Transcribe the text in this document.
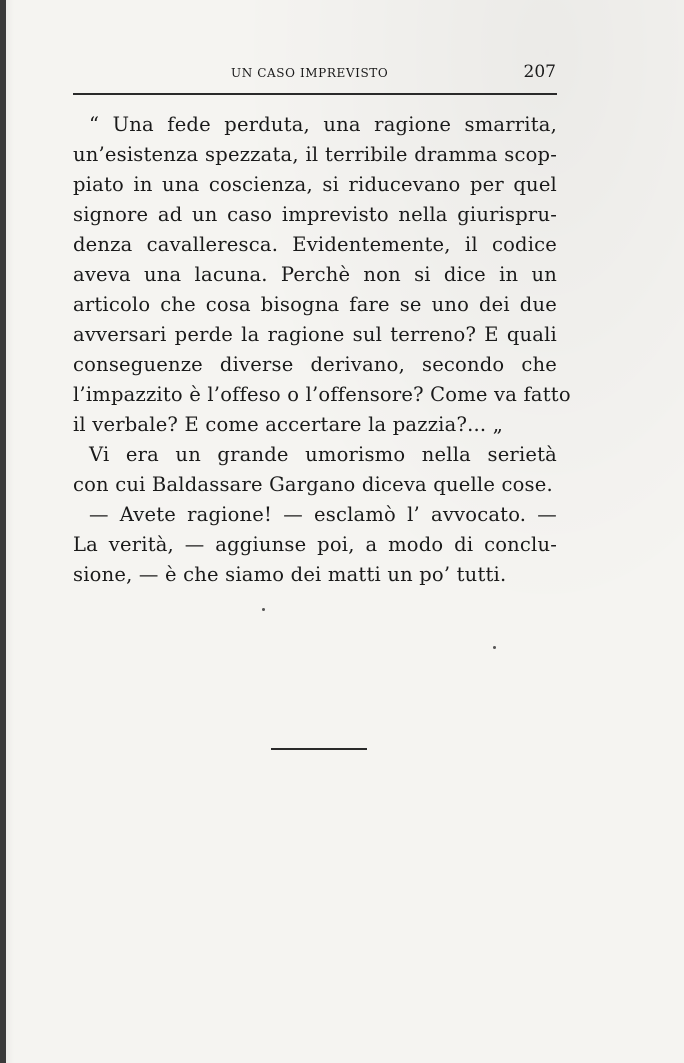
UN CASO IMPREVISTO	207
“ Una fede perduta, una ragione smarrita,
un’esistenza spezzata, il terribile dramma scop-
piato in una coscienza, si riducevano per quel
signore ad un caso imprevisto nella giurispru-
denza cavalleresca. Evidentemente, il codice
aveva una lacuna. Perchè non si dice in un
articolo che cosa bisogna fare se uno dei due
avversari perde la ragione sul terreno? E quali
conseguenze diverse derivano, secondo che
l’impazzito è l’offeso o l’offensore? Come va fatto
il verbale? E come accertare la pazzia?... „
Vi era un grande umorismo nella serietà
con cui Baldassare Gargano diceva quelle cose.
— Avete ragione! — esclamò l’ avvocato. —
La verità, — aggiunse poi, a modo di conclu-
sione, — è che siamo dei matti un po’ tutti.
